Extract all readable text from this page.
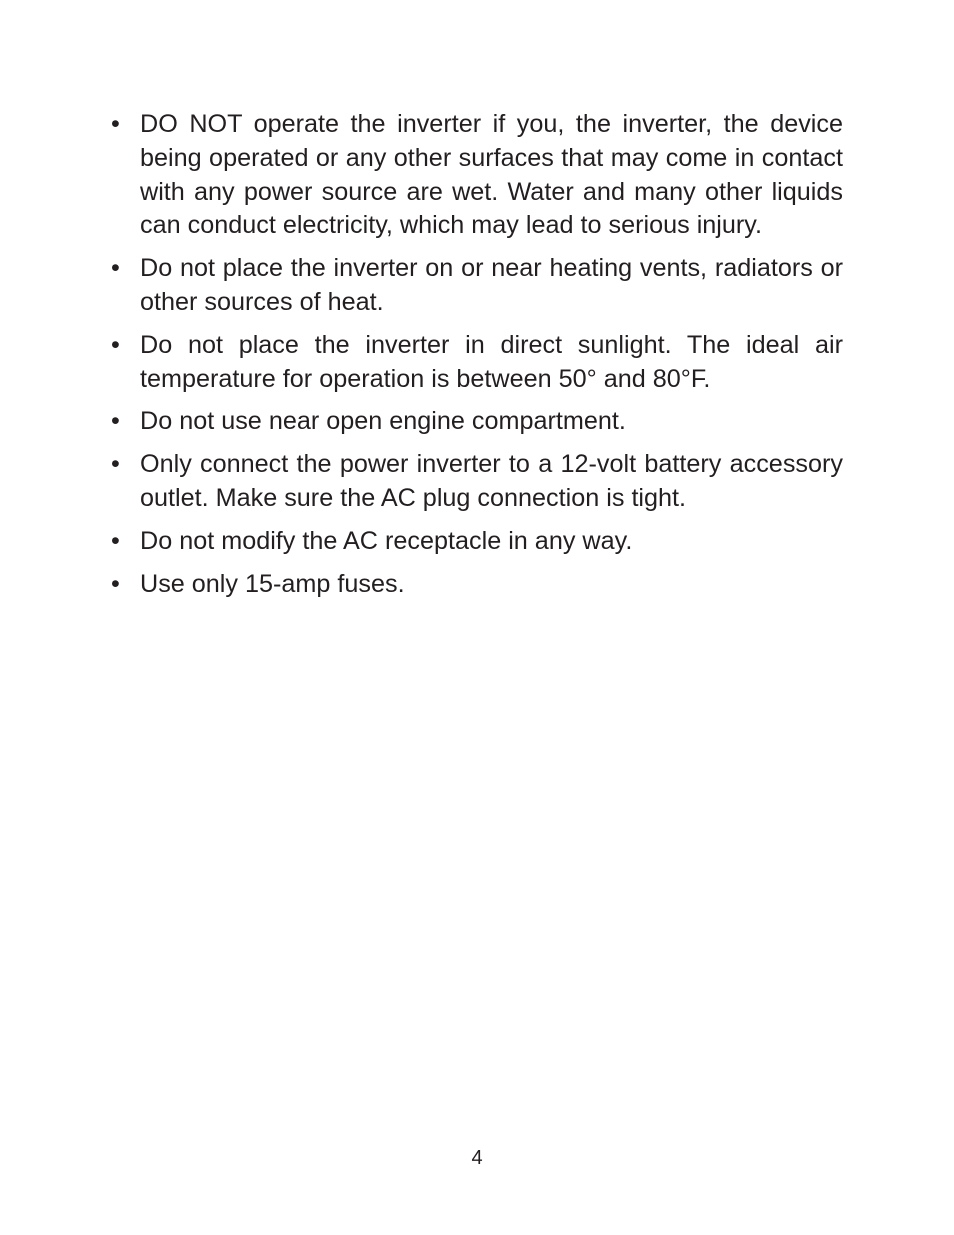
• DO NOT operate the inverter if you, the inverter, the device being operated or any other surfaces that may come in contact with any power source are wet. Water and many other liquids can conduct electricity, which may lead to serious injury.
• Do not place the inverter on or near heating vents, radiators or other sources of heat.
• Do not place the inverter in direct sunlight. The ideal air temperature for operation is between 50° and 80°F.
• Do not use near open engine compartment.
• Only connect the power inverter to a 12-volt battery accessory outlet. Make sure the AC plug connection is tight.
• Do not modify the AC receptacle in any way.
• Use only 15-amp fuses.
4
